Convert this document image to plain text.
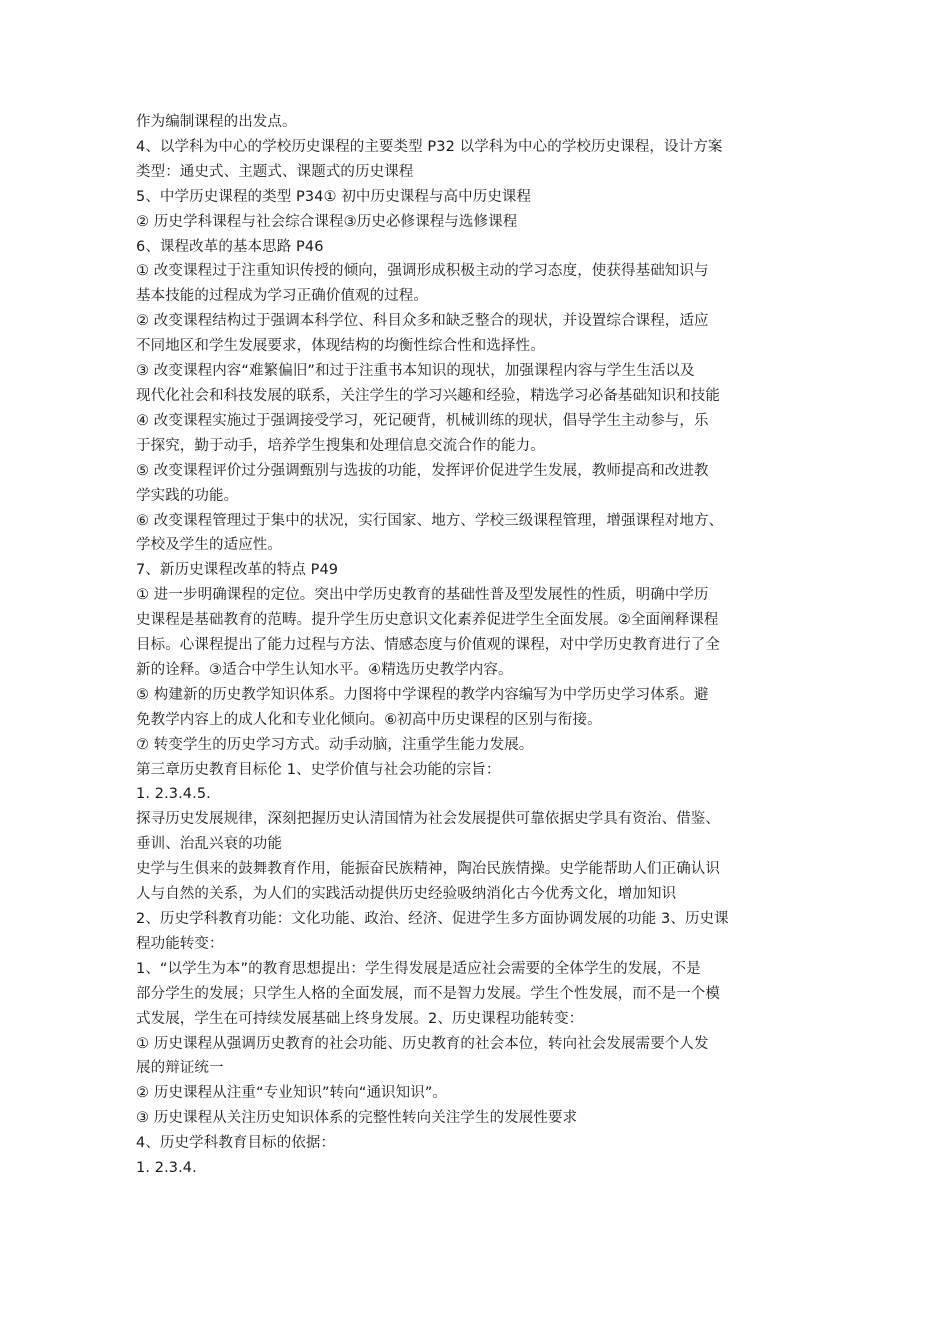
作为编制课程的出发点。
4、以学科为中心的学校历史课程的主要类型 P32 以学科为中心的学校历史课程，设计方案
类型：通史式、主题式、课题式的历史课程
5、中学历史课程的类型 P34① 初中历史课程与高中历史课程
② 历史学科课程与社会综合课程③历史必修课程与选修课程
6、课程改革的基本思路 P46
① 改变课程过于注重知识传授的倾向，强调形成积极主动的学习态度，使获得基础知识与
基本技能的过程成为学习正确价值观的过程。
② 改变课程结构过于强调本科学位、科目众多和缺乏整合的现状，并设置综合课程，适应
不同地区和学生发展要求，体现结构的均衡性综合性和选择性。
③ 改变课程内容“难繁偏旧”和过于注重书本知识的现状，加强课程内容与学生生活以及
现代化社会和科技发展的联系，关注学生的学习兴趣和经验，精选学习必备基础知识和技能
④ 改变课程实施过于强调接受学习，死记硬背，机械训练的现状，倡导学生主动参与，乐
于探究，勤于动手，培养学生搜集和处理信息交流合作的能力。
⑤ 改变课程评价过分强调甄别与选拔的功能，发挥评价促进学生发展，教师提高和改进教
学实践的功能。
⑥ 改变课程管理过于集中的状况，实行国家、地方、学校三级课程管理，增强课程对地方、
学校及学生的适应性。
7、新历史课程改革的特点 P49
① 进一步明确课程的定位。突出中学历史教育的基础性普及型发展性的性质，明确中学历
史课程是基础教育的范畴。提升学生历史意识文化素养促进学生全面发展。②全面阐释课程
目标。心课程提出了能力过程与方法、情感态度与价值观的课程，对中学历史教育进行了全
新的诠释。③适合中学生认知水平。④精选历史教学内容。
⑤ 构建新的历史教学知识体系。力图将中学课程的教学内容编写为中学历史学习体系。避
免教学内容上的成人化和专业化倾向。⑥初高中历史课程的区别与衔接。
⑦ 转变学生的历史学习方式。动手动脑，注重学生能力发展。
第三章历史教育目标伦 1、史学价值与社会功能的宗旨：
1. 2.3.4.5.
探寻历史发展规律，深刻把握历史认清国情为社会发展提供可靠依据史学具有资治、借鉴、
垂训、治乱兴衰的功能
史学与生俱来的鼓舞教育作用，能振奋民族精神，陶冶民族情操。史学能帮助人们正确认识
人与自然的关系，为人们的实践活动提供历史经验吸纳消化古今优秀文化，增加知识
2、历史学科教育功能：文化功能、政治、经济、促进学生多方面协调发展的功能 3、历史课
程功能转变：
1、“以学生为本”的教育思想提出：学生得发展是适应社会需要的全体学生的发展，不是
部分学生的发展；只学生人格的全面发展，而不是智力发展。学生个性发展，而不是一个模
式发展，学生在可持续发展基础上终身发展。2、历史课程功能转变：
① 历史课程从强调历史教育的社会功能、历史教育的社会本位，转向社会发展需要个人发
展的辩证统一
② 历史课程从注重“专业知识”转向“通识知识”。
③ 历史课程从关注历史知识体系的完整性转向关注学生的发展性要求
4、历史学科教育目标的依据：
1. 2.3.4.
